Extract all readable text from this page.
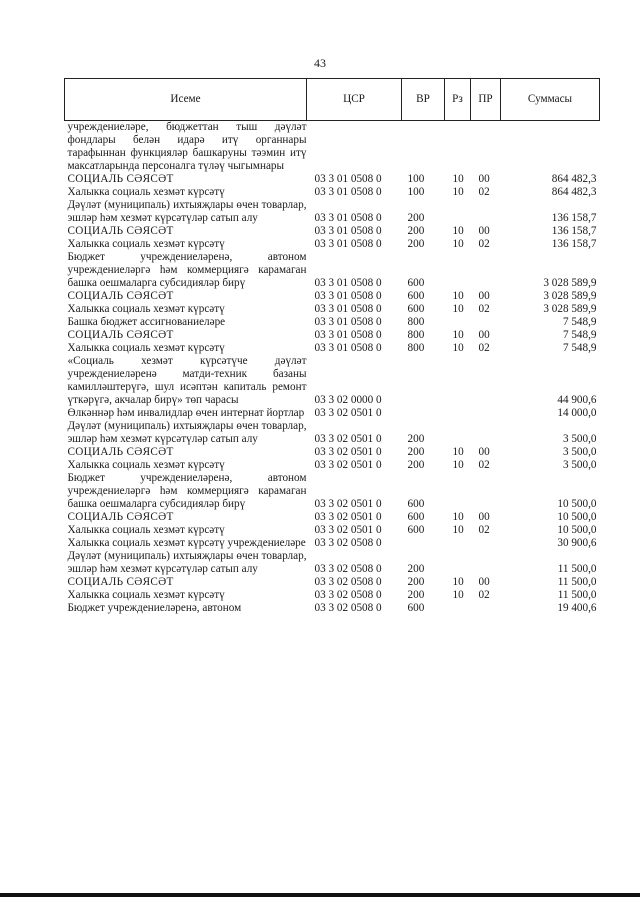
43
Исеме	ЦСР	ВР	Рз	ПР	Суммасы
учреждениеләре, бюджеттан тыш дәүләт фондлары белән идарә итү органнары тарафыннан функцияләр башкаруны тәэмин итү максатларында персоналга түләү чыгымнары					
СОЦИАЛЬ СӘЯСӘТ	03 3 01 0508 0	100	10	00	864 482,3
Халыкка социаль хезмәт күрсәтү	03 3 01 0508 0	100	10	02	864 482,3
Дәүләт (муниципаль) ихтыяҗлары өчен товарлар, эшләр һәм хезмәт күрсәтүләр сатып алу	03 3 01 0508 0	200			136 158,7
СОЦИАЛЬ СӘЯСӘТ	03 3 01 0508 0	200	10	00	136 158,7
Халыкка социаль хезмәт күрсәтү	03 3 01 0508 0	200	10	02	136 158,7
Бюджет учреждениеләренә, автоном учреждениеләргә һәм коммерциягә карамаган башка оешмаларга субсидияләр бирү	03 3 01 0508 0	600			3 028 589,9
СОЦИАЛЬ СӘЯСӘТ	03 3 01 0508 0	600	10	00	3 028 589,9
Халыкка социаль хезмәт күрсәтү	03 3 01 0508 0	600	10	02	3 028 589,9
Башка бюджет ассигнованиеләре	03 3 01 0508 0	800			7 548,9
СОЦИАЛЬ СӘЯСӘТ	03 3 01 0508 0	800	10	00	7 548,9
Халыкка социаль хезмәт күрсәтү	03 3 01 0508 0	800	10	02	7 548,9
«Социаль хезмәт күрсәтүче дәүләт учреждениеләренә матди-техник базаны камилләштерүгә, шул исәптән капиталь ремонт үткәрүгә, акчалар бирү» төп чарасы	03 3 02 0000 0				44 900,6
Өлкәннәр һәм инвалидлар өчен интернат йортлар	03 3 02 0501 0				14 000,0
Дәүләт (муниципаль) ихтыяҗлары өчен товарлар, эшләр һәм хезмәт күрсәтүләр сатып алу	03 3 02 0501 0	200			3 500,0
СОЦИАЛЬ СӘЯСӘТ	03 3 02 0501 0	200	10	00	3 500,0
Халыкка социаль хезмәт күрсәтү	03 3 02 0501 0	200	10	02	3 500,0
Бюджет учреждениеләренә, автоном учреждениеләргә һәм коммерциягә карамаган башка оешмаларга субсидияләр бирү	03 3 02 0501 0	600			10 500,0
СОЦИАЛЬ СӘЯСӘТ	03 3 02 0501 0	600	10	00	10 500,0
Халыкка социаль хезмәт күрсәтү	03 3 02 0501 0	600	10	02	10 500,0
Халыкка социаль хезмәт күрсәтү учреждениеләре	03 3 02 0508 0				30 900,6
Дәүләт (муниципаль) ихтыяҗлары өчен товарлар, эшләр һәм хезмәт күрсәтүләр сатып алу	03 3 02 0508 0	200			11 500,0
СОЦИАЛЬ СӘЯСӘТ	03 3 02 0508 0	200	10	00	11 500,0
Халыкка социаль хезмәт күрсәтү	03 3 02 0508 0	200	10	02	11 500,0
Бюджет учреждениеләренә, автоном	03 3 02 0508 0	600			19 400,6
